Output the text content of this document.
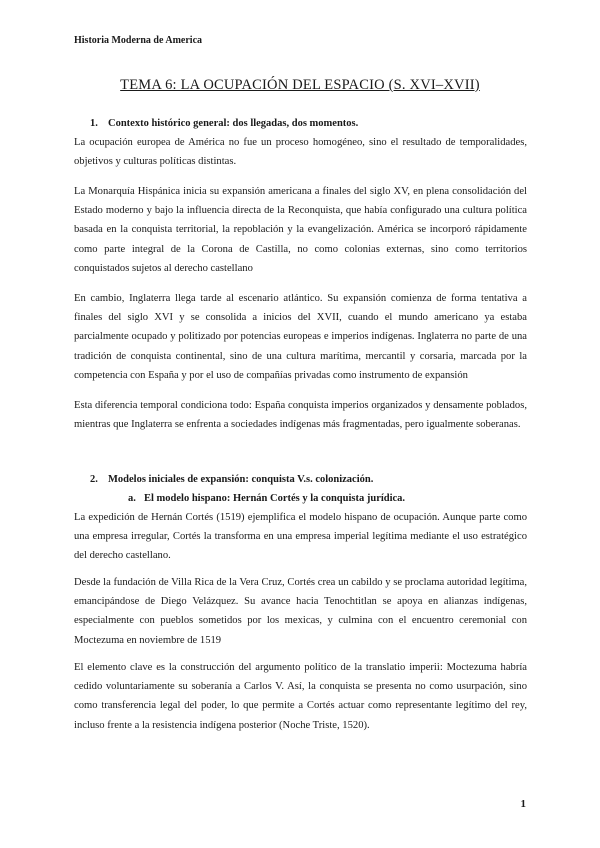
Historia Moderna de America
TEMA 6: LA OCUPACIÓN DEL ESPACIO (S. XVI–XVII)
1. Contexto histórico general: dos llegadas, dos momentos.

La ocupación europea de América no fue un proceso homogéneo, sino el resultado de temporalidades, objetivos y culturas políticas distintas.

La Monarquía Hispánica inicia su expansión americana a finales del siglo XV, en plena consolidación del Estado moderno y bajo la influencia directa de la Reconquista, que había configurado una cultura política basada en la conquista territorial, la repoblación y la evangelización. América se incorporó rápidamente como parte integral de la Corona de Castilla, no como colonias externas, sino como territorios conquistados sujetos al derecho castellano

En cambio, Inglaterra llega tarde al escenario atlántico. Su expansión comienza de forma tentativa a finales del siglo XVI y se consolida a inicios del XVII, cuando el mundo americano ya estaba parcialmente ocupado y politizado por potencias europeas e imperios indígenas. Inglaterra no parte de una tradición de conquista continental, sino de una cultura marítima, mercantil y corsaria, marcada por la competencia con España y por el uso de compañías privadas como instrumento de expansión

Esta diferencia temporal condiciona todo: España conquista imperios organizados y densamente poblados, mientras que Inglaterra se enfrenta a sociedades indígenas más fragmentadas, pero igualmente soberanas.

2. Modelos iniciales de expansión: conquista V.s. colonización.
a. El modelo hispano: Hernán Cortés y la conquista jurídica.

La expedición de Hernán Cortés (1519) ejemplifica el modelo hispano de ocupación. Aunque parte como una empresa irregular, Cortés la transforma en una empresa imperial legítima mediante el uso estratégico del derecho castellano.

Desde la fundación de Villa Rica de la Vera Cruz, Cortés crea un cabildo y se proclama autoridad legítima, emancipándose de Diego Velázquez. Su avance hacia Tenochtitlan se apoya en alianzas indígenas, especialmente con pueblos sometidos por los mexicas, y culmina con el encuentro ceremonial con Moctezuma en noviembre de 1519

El elemento clave es la construcción del argumento político de la translatio imperii: Moctezuma habría cedido voluntariamente su soberanía a Carlos V. Así, la conquista se presenta no como usurpación, sino como transferencia legal del poder, lo que permite a Cortés actuar como representante legítimo del rey, incluso frente a la resistencia indígena posterior (Noche Triste, 1520).

1
